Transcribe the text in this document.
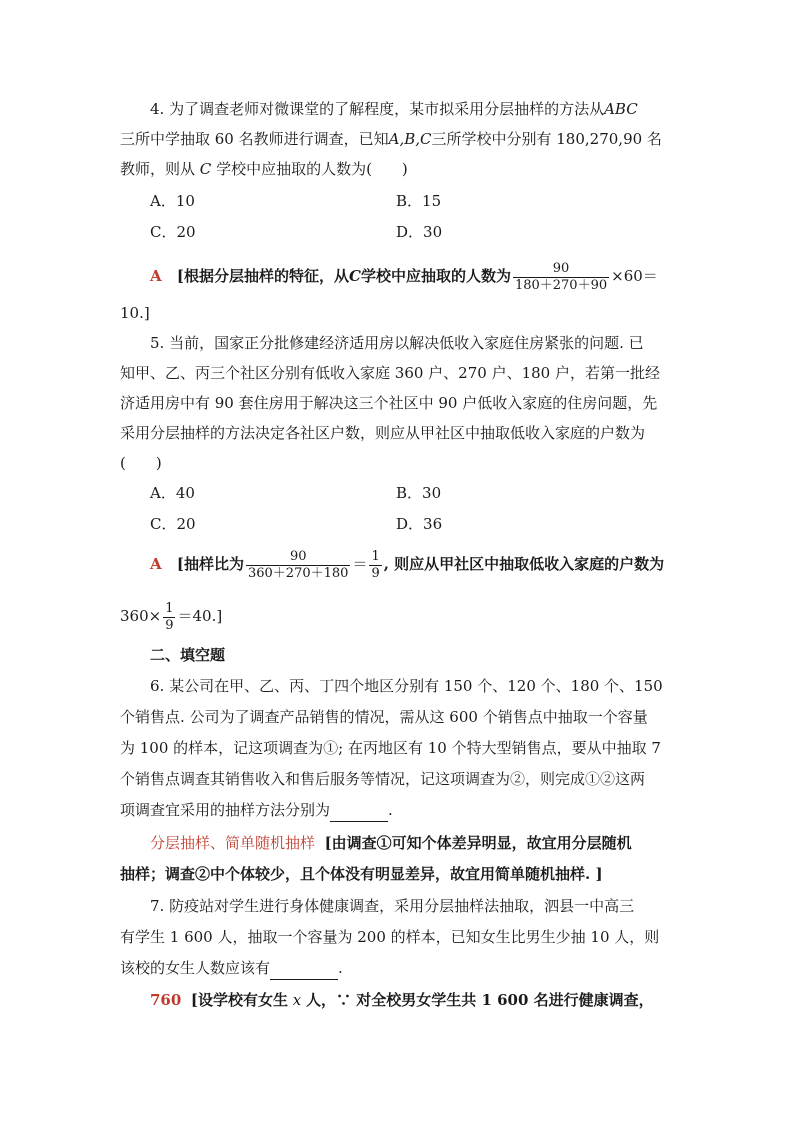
4. 为了调查老师对微课堂的了解程度，某市拟采用分层抽样的方法从ABC
三所中学抽取 60 名教师进行调查，已知A,B,C三所学校中分别有 180,270,90 名
教师，则从 C 学校中应抽取的人数为(　　)
A．10	B．15
C．20	D．30
A [根据分层抽样的特征，从C学校中应抽取的人数为 $\frac{90}{180+270+90} \times 60=$
10.]
5. 当前，国家正分批修建经济适用房以解决低收入家庭住房紧张的问题. 已
知甲、乙、丙三个社区分别有低收入家庭 360 户、270 户、180 户，若第一批经
济适用房中有 90 套住房用于解决这三个社区中 90 户低收入家庭的住房问题，先
采用分层抽样的方法决定各社区户数，则应从甲社区中抽取低收入家庭的户数为
(　　)
A．40	B．30
C．20	D．36
A [抽样比为 $\frac{90}{360+270+180} = \frac{1}{9}$ , 则应从甲社区中抽取低收入家庭的户数为
$360\times \frac{1}{9} =40$.]
二、填空题
6. 某公司在甲、乙、丙、丁四个地区分别有 150 个、120 个、180 个、150
个销售点. 公司为了调查产品销售的情况，需从这 600 个销售点中抽取一个容量
为 100 的样本，记这项调查为①; 在丙地区有 10 个特大型销售点，要从中抽取 7
个销售点调查其销售收入和售后服务等情况，记这项调查为②，则完成①②这两
项调查宜采用的抽样方法分别为	.
分层抽样、简单随机抽样 [由调查①可知个体差异明显，故宜用分层随机
抽样；调查②中个体较少，且个体没有明显差异，故宜用简单随机抽样. ]
7. 防疫站对学生进行身体健康调查，采用分层抽样法抽取，泗县一中高三
有学生 1 600 人，抽取一个容量为 200 的样本，已知女生比男生少抽 10 人，则
该校的女生人数应该有	.
760 [设学校有女生 x 人，∵ 对全校男女学生共 1 600 名进行健康调查，
